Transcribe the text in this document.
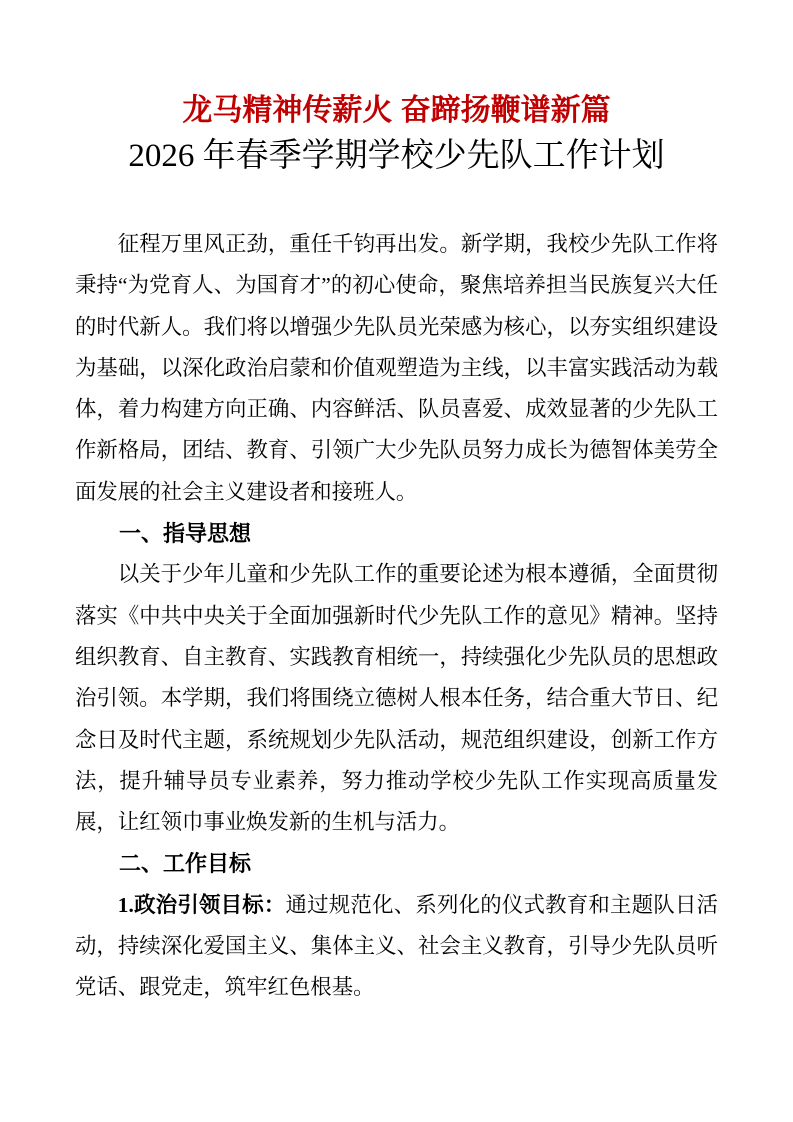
龙马精神传薪火 奋蹄扬鞭谱新篇
2026 年春季学期学校少先队工作计划

征程万里风正劲，重任千钧再出发。新学期，我校少先队工作将秉持“为党育人、为国育才”的初心使命，聚焦培养担当民族复兴大任的时代新人。我们将以增强少先队员光荣感为核心，以夯实组织建设为基础，以深化政治启蒙和价值观塑造为主线，以丰富实践活动为载体，着力构建方向正确、内容鲜活、队员喜爱、成效显著的少先队工作新格局，团结、教育、引领广大少先队员努力成长为德智体美劳全面发展的社会主义建设者和接班人。

一、指导思想

以关于少年儿童和少先队工作的重要论述为根本遵循，全面贯彻落实《中共中央关于全面加强新时代少先队工作的意见》精神。坚持组织教育、自主教育、实践教育相统一，持续强化少先队员的思想政治引领。本学期，我们将围绕立德树人根本任务，结合重大节日、纪念日及时代主题，系统规划少先队活动，规范组织建设，创新工作方法，提升辅导员专业素养，努力推动学校少先队工作实现高质量发展，让红领巾事业焕发新的生机与活力。

二、工作目标

1.政治引领目标：通过规范化、系列化的仪式教育和主题队日活动，持续深化爱国主义、集体主义、社会主义教育，引导少先队员听党话、跟党走，筑牢红色根基。
